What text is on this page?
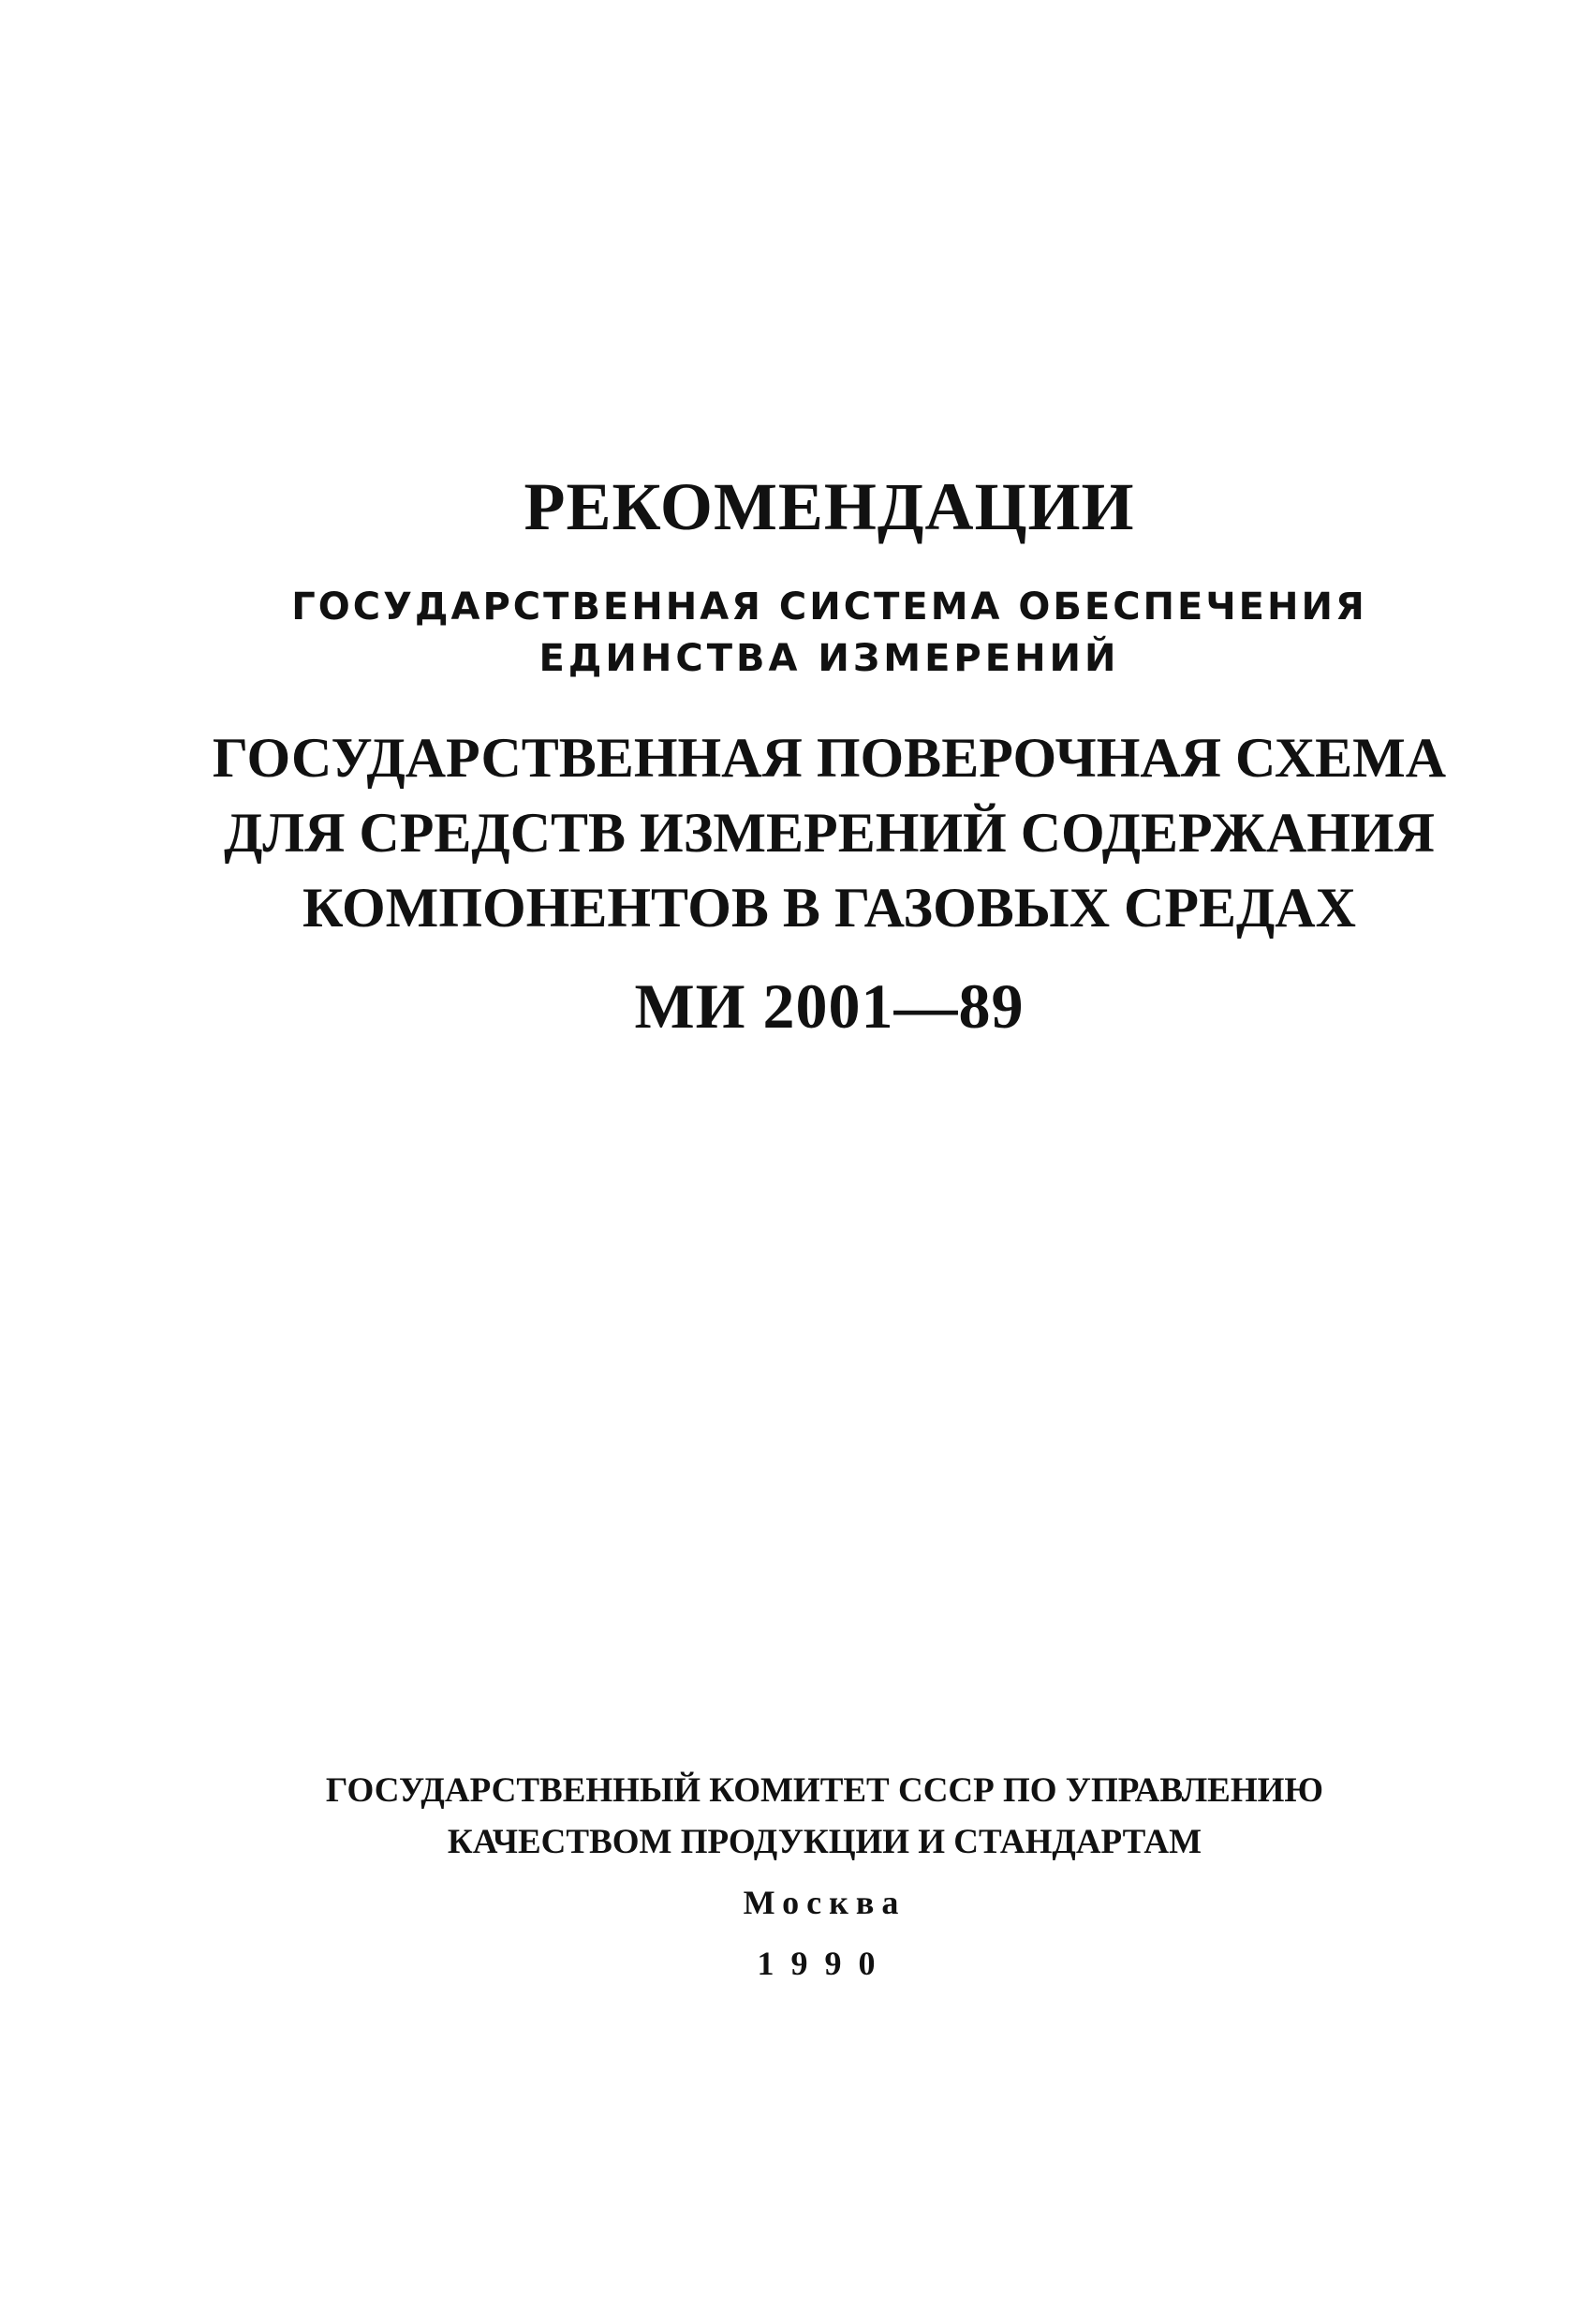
РЕКОМЕНДАЦИИ

ГОСУДАРСТВЕННАЯ СИСТЕМА ОБЕСПЕЧЕНИЯ

ЕДИНСТВА ИЗМЕРЕНИЙ

ГОСУДАРСТВЕННАЯ ПОВЕРОЧНАЯ СХЕМА

ДЛЯ СРЕДСТВ ИЗМЕРЕНИЙ СОДЕРЖАНИЯ

КОМПОНЕНТОВ В ГАЗОВЫХ СРЕДАХ

МИ 2001—89

ГОСУДАРСТВЕННЫЙ КОМИТЕТ СССР ПО УПРАВЛЕНИЮ

КАЧЕСТВОМ ПРОДУКЦИИ И СТАНДАРТАМ

Москва

1990
